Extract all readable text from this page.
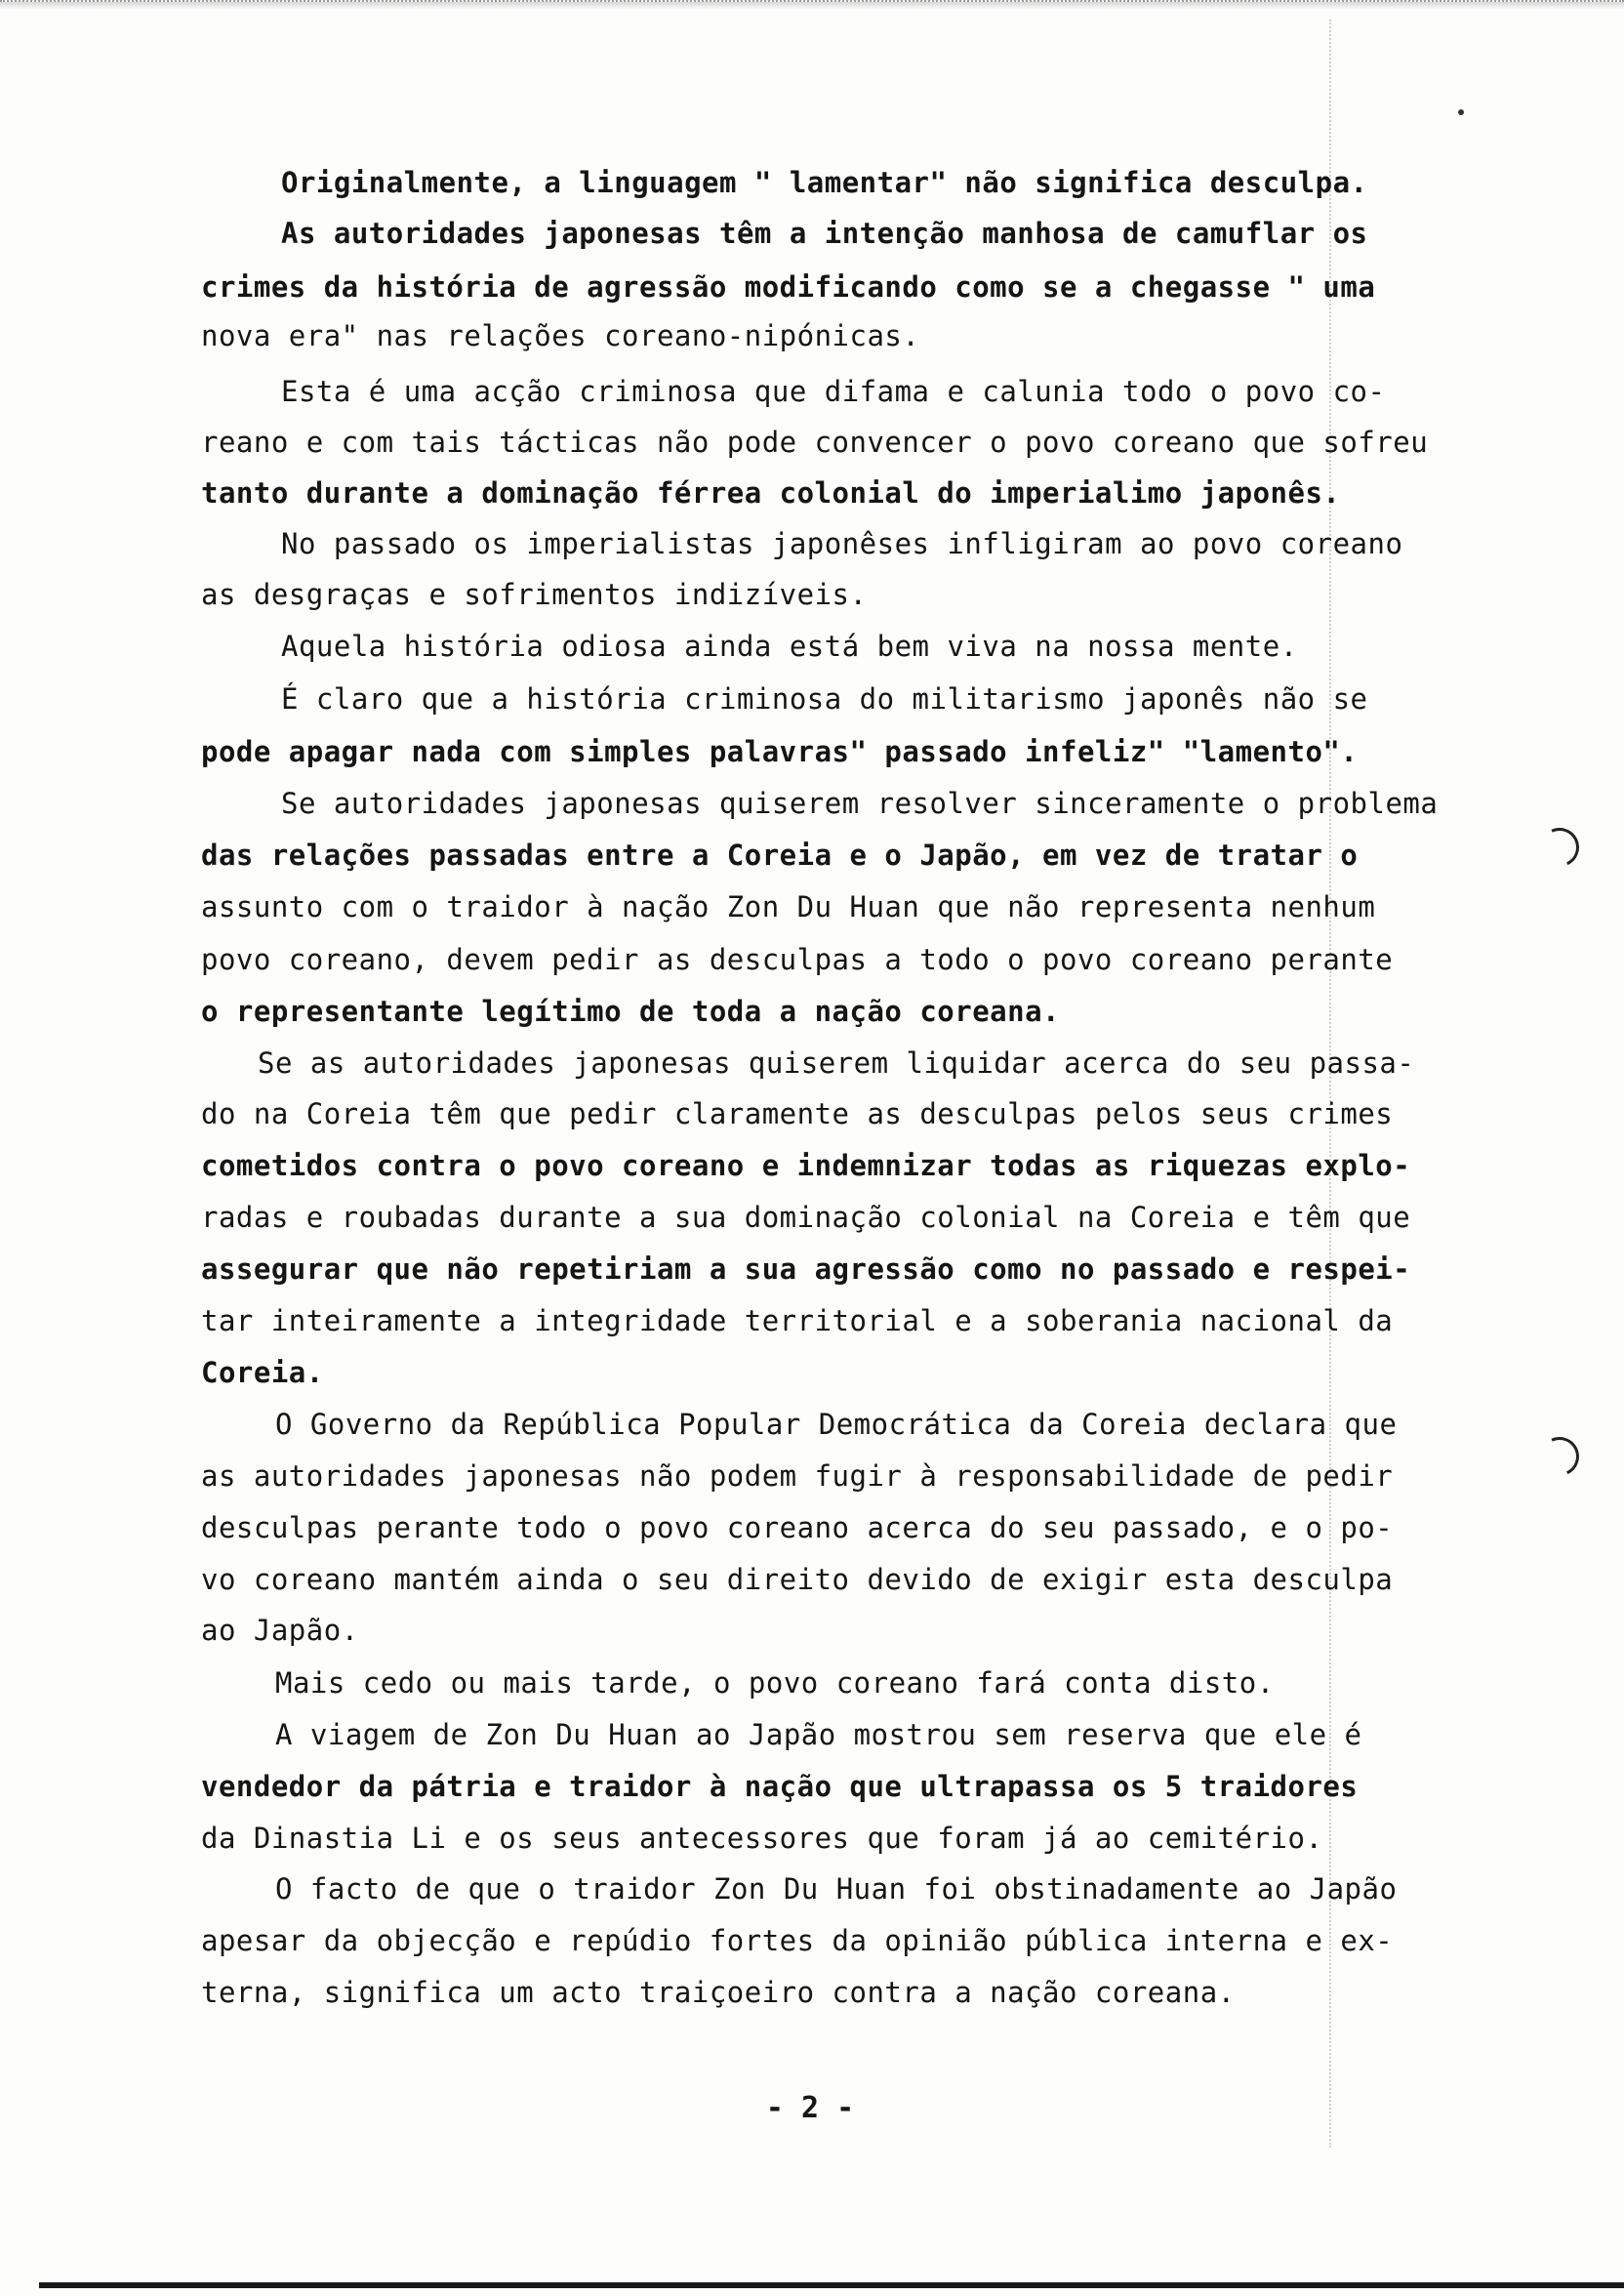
Originalmente, a linguagem " lamentar" não significa desculpa.
As autoridades japonesas têm a intenção manhosa de camuflar os
crimes da história de agressão modificando como se a chegasse " uma
nova era" nas relações coreano-nipónicas.
Esta é uma acção criminosa que difama e calunia todo o povo co-
reano e com tais tácticas não pode convencer o povo coreano que sofreu
tanto durante a dominação férrea colonial do imperialimo japonês.
No passado os imperialistas japonêses infligiram ao povo coreano
as desgraças e sofrimentos indizíveis.
Aquela história odiosa ainda está bem viva na nossa mente.
É claro que a história criminosa do militarismo japonês não se
pode apagar nada com simples palavras" passado infeliz" "lamento".
Se autoridades japonesas quiserem resolver sinceramente o problema
das relações passadas entre a Coreia e o Japão, em vez de tratar o
assunto com o traidor à nação Zon Du Huan que não representa nenhum
povo coreano, devem pedir as desculpas a todo o povo coreano perante
o representante legítimo de toda a nação coreana.
Se as autoridades japonesas quiserem liquidar acerca do seu passa-
do na Coreia têm que pedir claramente as desculpas pelos seus crimes
cometidos contra o povo coreano e indemnizar todas as riquezas explo-
radas e roubadas durante a sua dominação colonial na Coreia e têm que
assegurar que não repetiriam a sua agressão como no passado e respei-
tar inteiramente a integridade territorial e a soberania nacional da
Coreia.
O Governo da República Popular Democrática da Coreia declara que
as autoridades japonesas não podem fugir à responsabilidade de pedir
desculpas perante todo o povo coreano acerca do seu passado, e o po-
vo coreano mantém ainda o seu direito devido de exigir esta desculpa
ao Japão.
Mais cedo ou mais tarde, o povo coreano fará conta disto.
A viagem de Zon Du Huan ao Japão mostrou sem reserva que ele é
vendedor da pátria e traidor à nação que ultrapassa os 5 traidores
da Dinastia Li e os seus antecessores que foram já ao cemitério.
O facto de que o traidor Zon Du Huan foi obstinadamente ao Japão
apesar da objecção e repúdio fortes da opinião pública interna e ex-
terna, significa um acto traiçoeiro contra a nação coreana.
- 2 -
